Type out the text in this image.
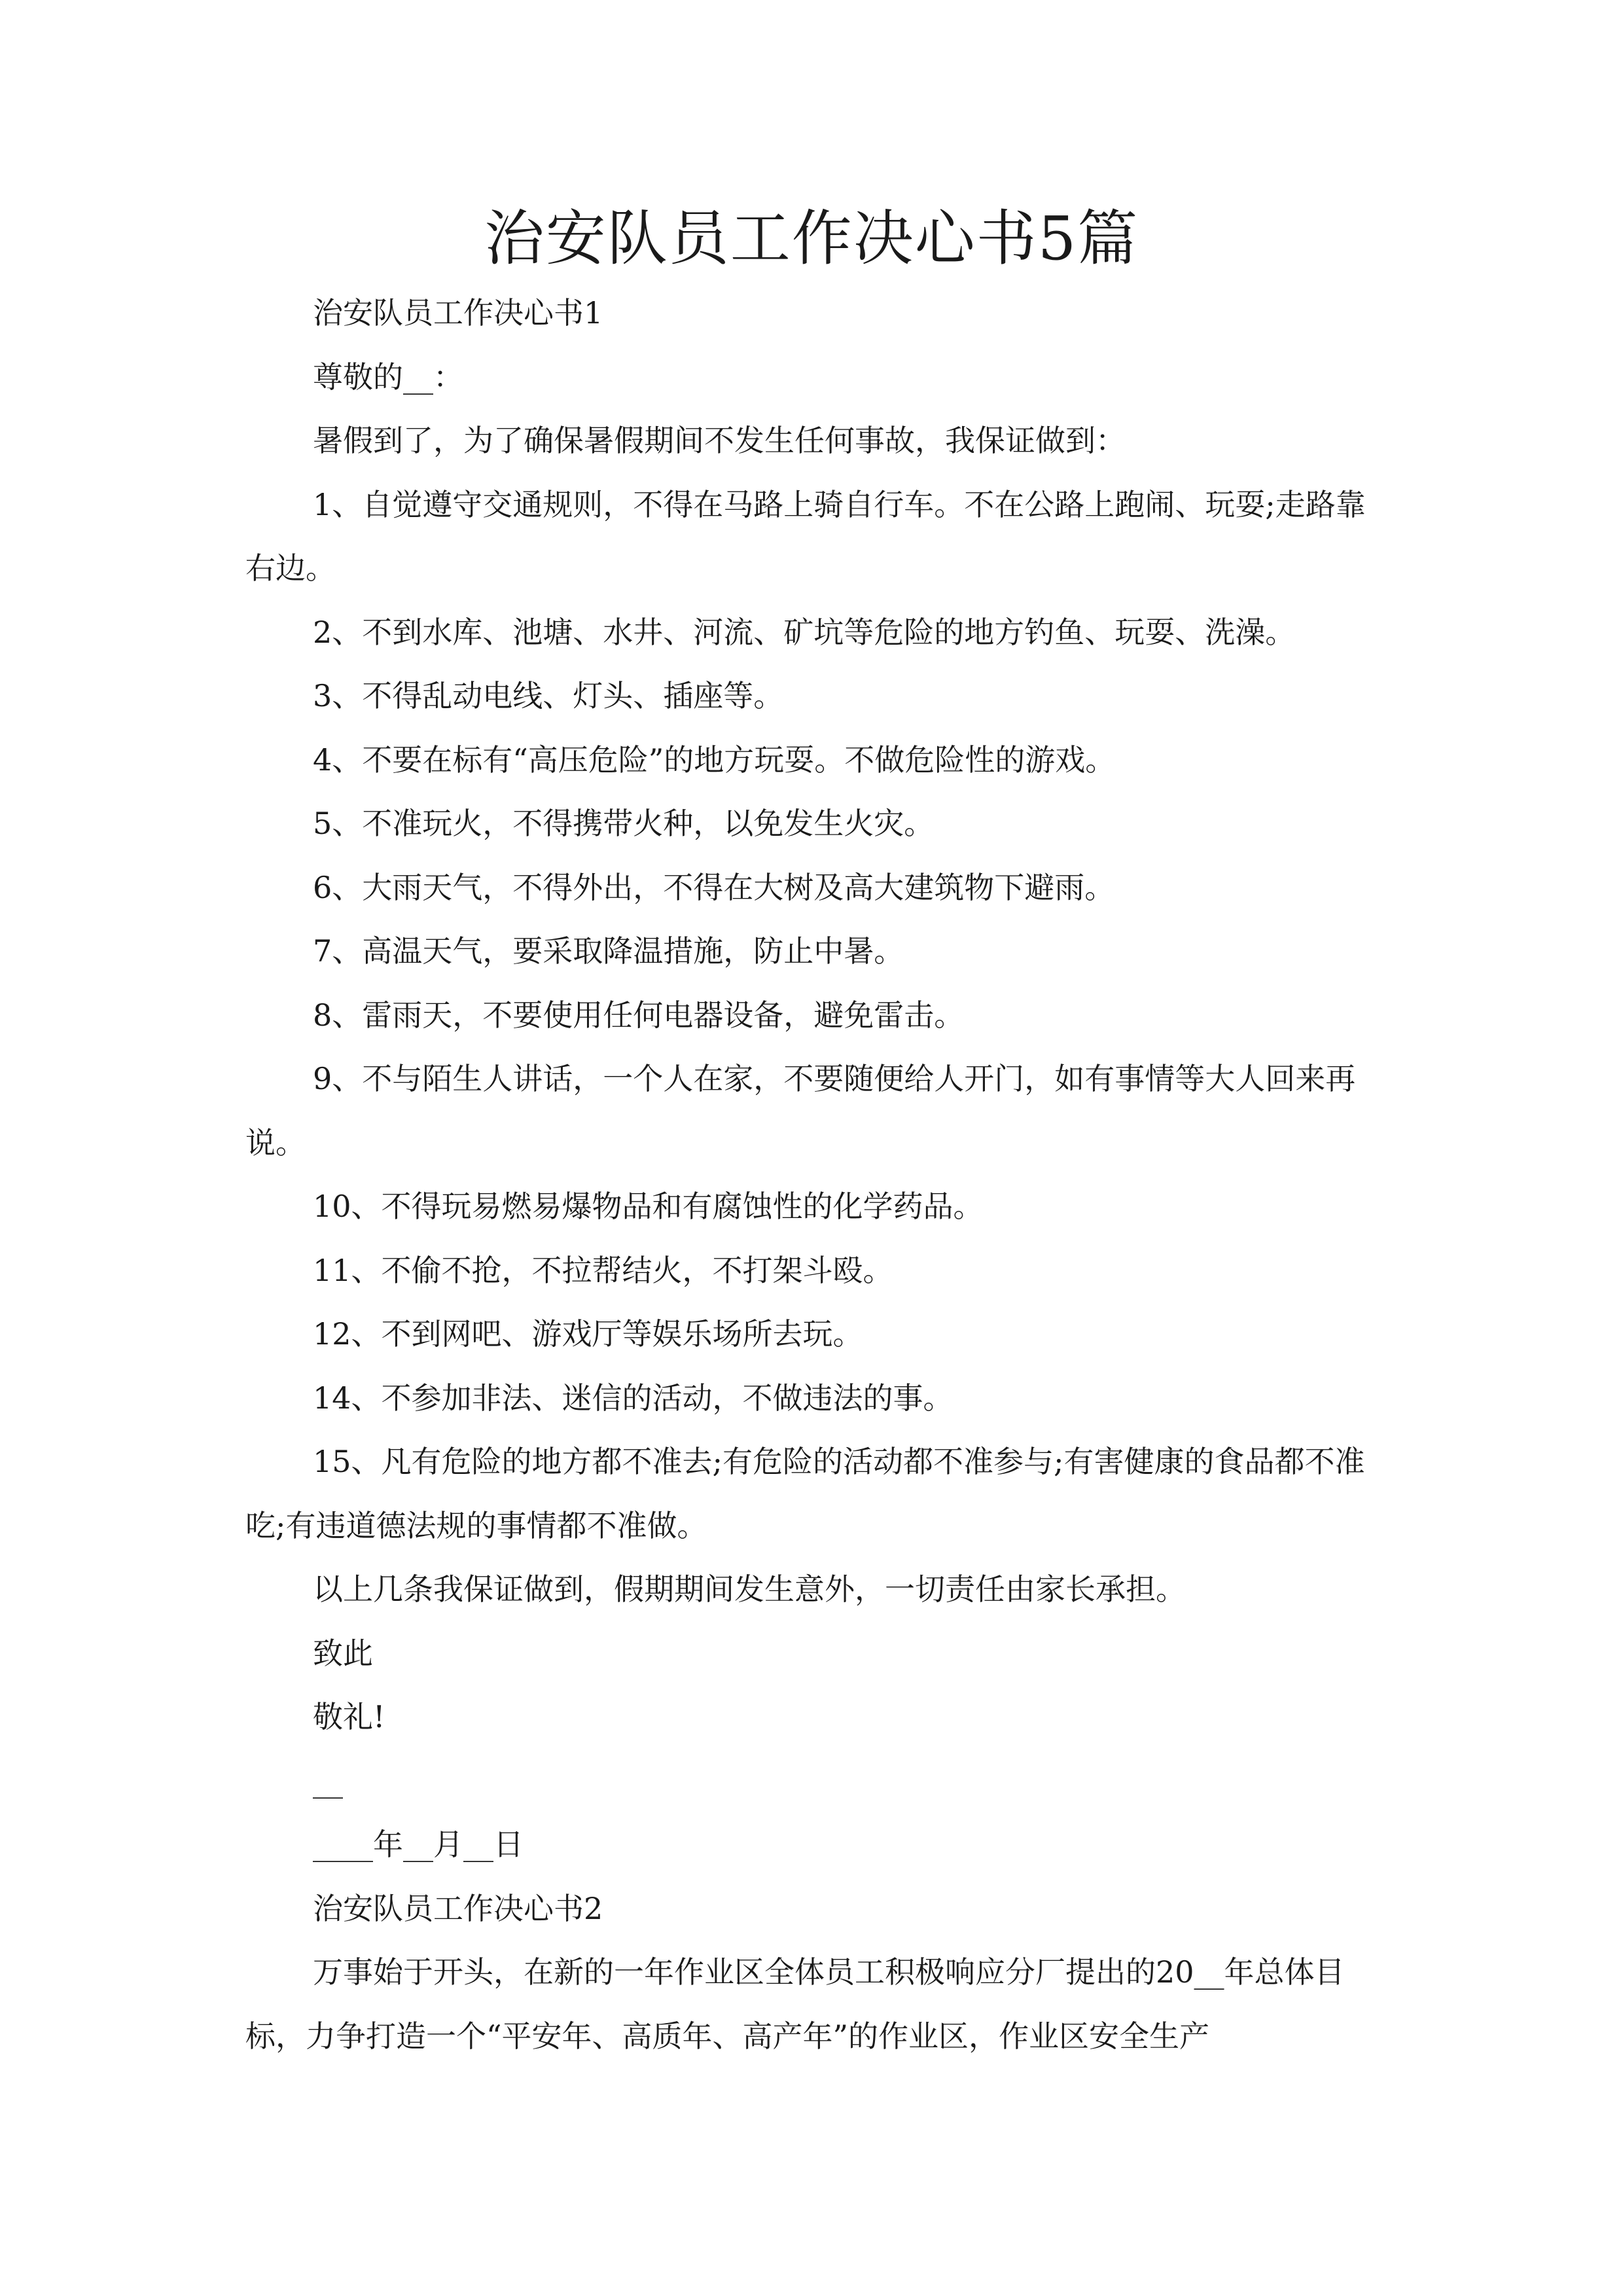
治安队员工作决心书5篇

治安队员工作决心书1

尊敬的__：

暑假到了，为了确保暑假期间不发生任何事故，我保证做到：

1、自觉遵守交通规则，不得在马路上骑自行车。不在公路上跑闹、玩耍;走路靠右边。

2、不到水库、池塘、水井、河流、矿坑等危险的地方钓鱼、玩耍、洗澡。

3、不得乱动电线、灯头、插座等。

4、不要在标有“高压危险”的地方玩耍。不做危险性的游戏。

5、不准玩火，不得携带火种，以免发生火灾。

6、大雨天气，不得外出，不得在大树及高大建筑物下避雨。

7、高温天气，要采取降温措施，防止中暑。

8、雷雨天，不要使用任何电器设备，避免雷击。

9、不与陌生人讲话，一个人在家，不要随便给人开门，如有事情等大人回来再说。

10、不得玩易燃易爆物品和有腐蚀性的化学药品。

11、不偷不抢，不拉帮结火，不打架斗殴。

12、不到网吧、游戏厅等娱乐场所去玩。

14、不参加非法、迷信的活动，不做违法的事。

15、凡有危险的地方都不准去;有危险的活动都不准参与;有害健康的食品都不准吃;有违道德法规的事情都不准做。

以上几条我保证做到，假期期间发生意外，一切责任由家长承担。

致此

敬礼!

__

____年__月__日

治安队员工作决心书2

万事始于开头，在新的一年作业区全体员工积极响应分厂提出的20__年总体目标，力争打造一个“平安年、高质年、高产年”的作业区，作业区安全生产
